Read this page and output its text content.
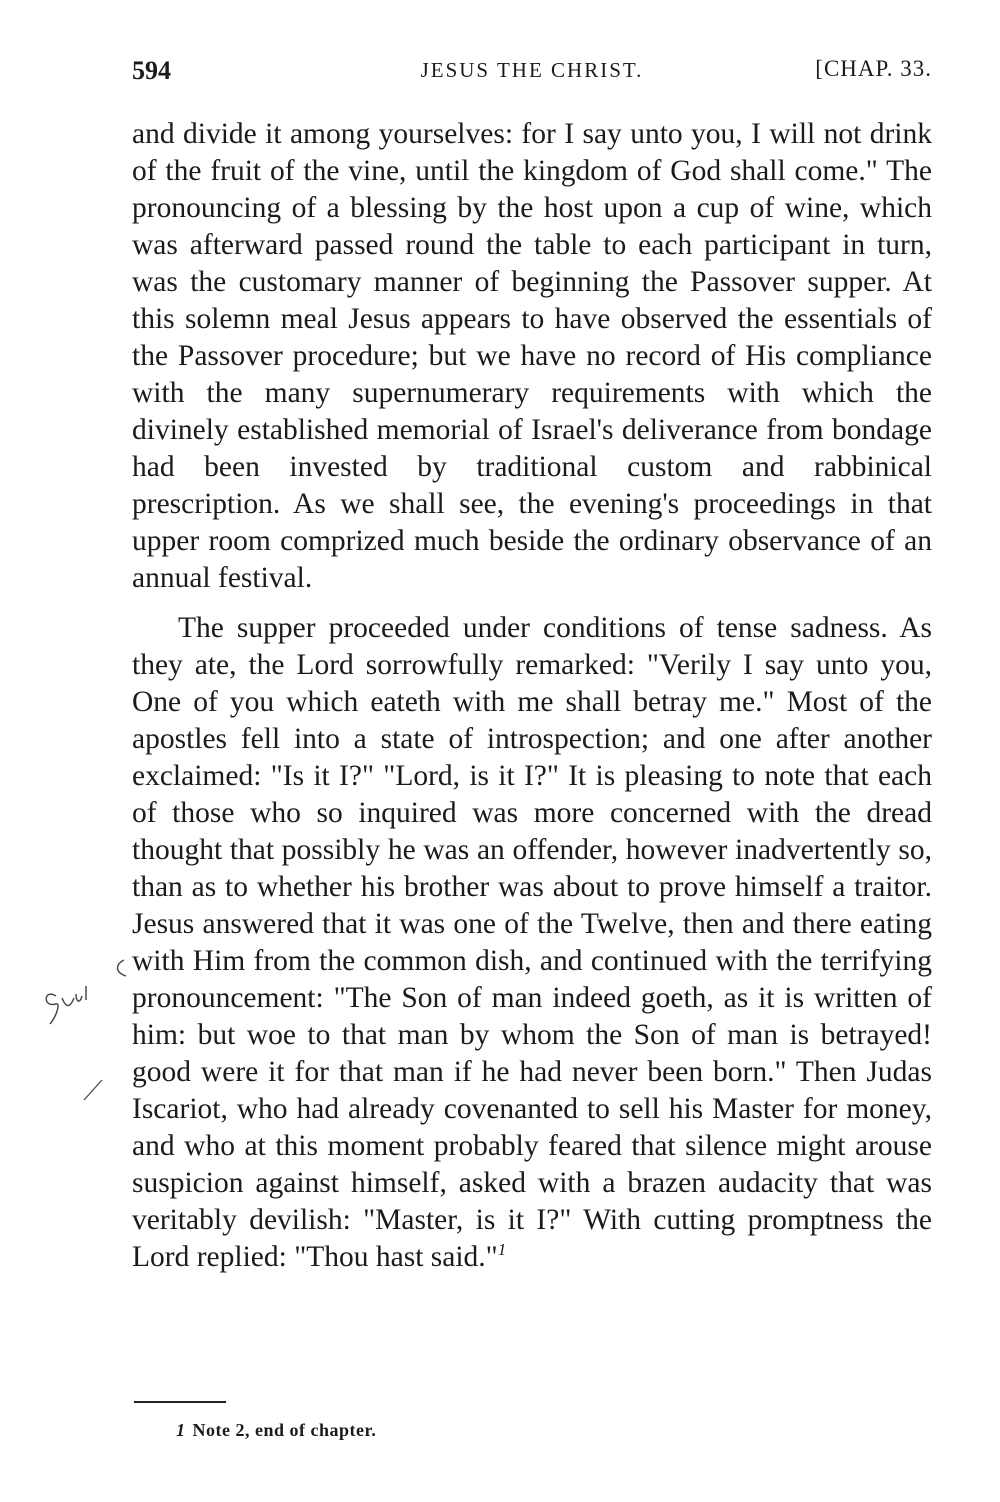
594	JESUS THE CHRIST.	[CHAP. 33.

and divide it among yourselves: for I say unto you, I will not drink of the fruit of the vine, until the kingdom of God shall come." The pronouncing of a blessing by the host upon a cup of wine, which was afterward passed round the table to each participant in turn, was the customary manner of beginning the Passover supper. At this solemn meal Jesus appears to have observed the essentials of the Passover procedure; but we have no record of His compliance with the many supernumerary requirements with which the divinely established memorial of Israel's deliverance from bondage had been invested by traditional custom and rabbinical prescription. As we shall see, the evening's proceedings in that upper room comprized much beside the ordinary observance of an annual festival.

The supper proceeded under conditions of tense sadness. As they ate, the Lord sorrowfully remarked: "Verily I say unto you, One of you which eateth with me shall betray me." Most of the apostles fell into a state of introspection; and one after another exclaimed: "Is it I?" "Lord, is it I?" It is pleasing to note that each of those who so inquired was more concerned with the dread thought that possibly he was an offender, however inadvertently so, than as to whether his brother was about to prove himself a traitor. Jesus answered that it was one of the Twelve, then and there eating with Him from the common dish, and continued with the terrifying pronouncement: "The Son of man indeed goeth, as it is written of him: but woe to that man by whom the Son of man is betrayed! good were it for that man if he had never been born." Then Judas Iscariot, who had already covenanted to sell his Master for money, and who at this moment probably feared that silence might arouse suspicion against himself, asked with a brazen audacity that was veritably devilish: "Master, is it I?" With cutting promptness the Lord replied: "Thou hast said."$^1$

1 Note 2, end of chapter.
